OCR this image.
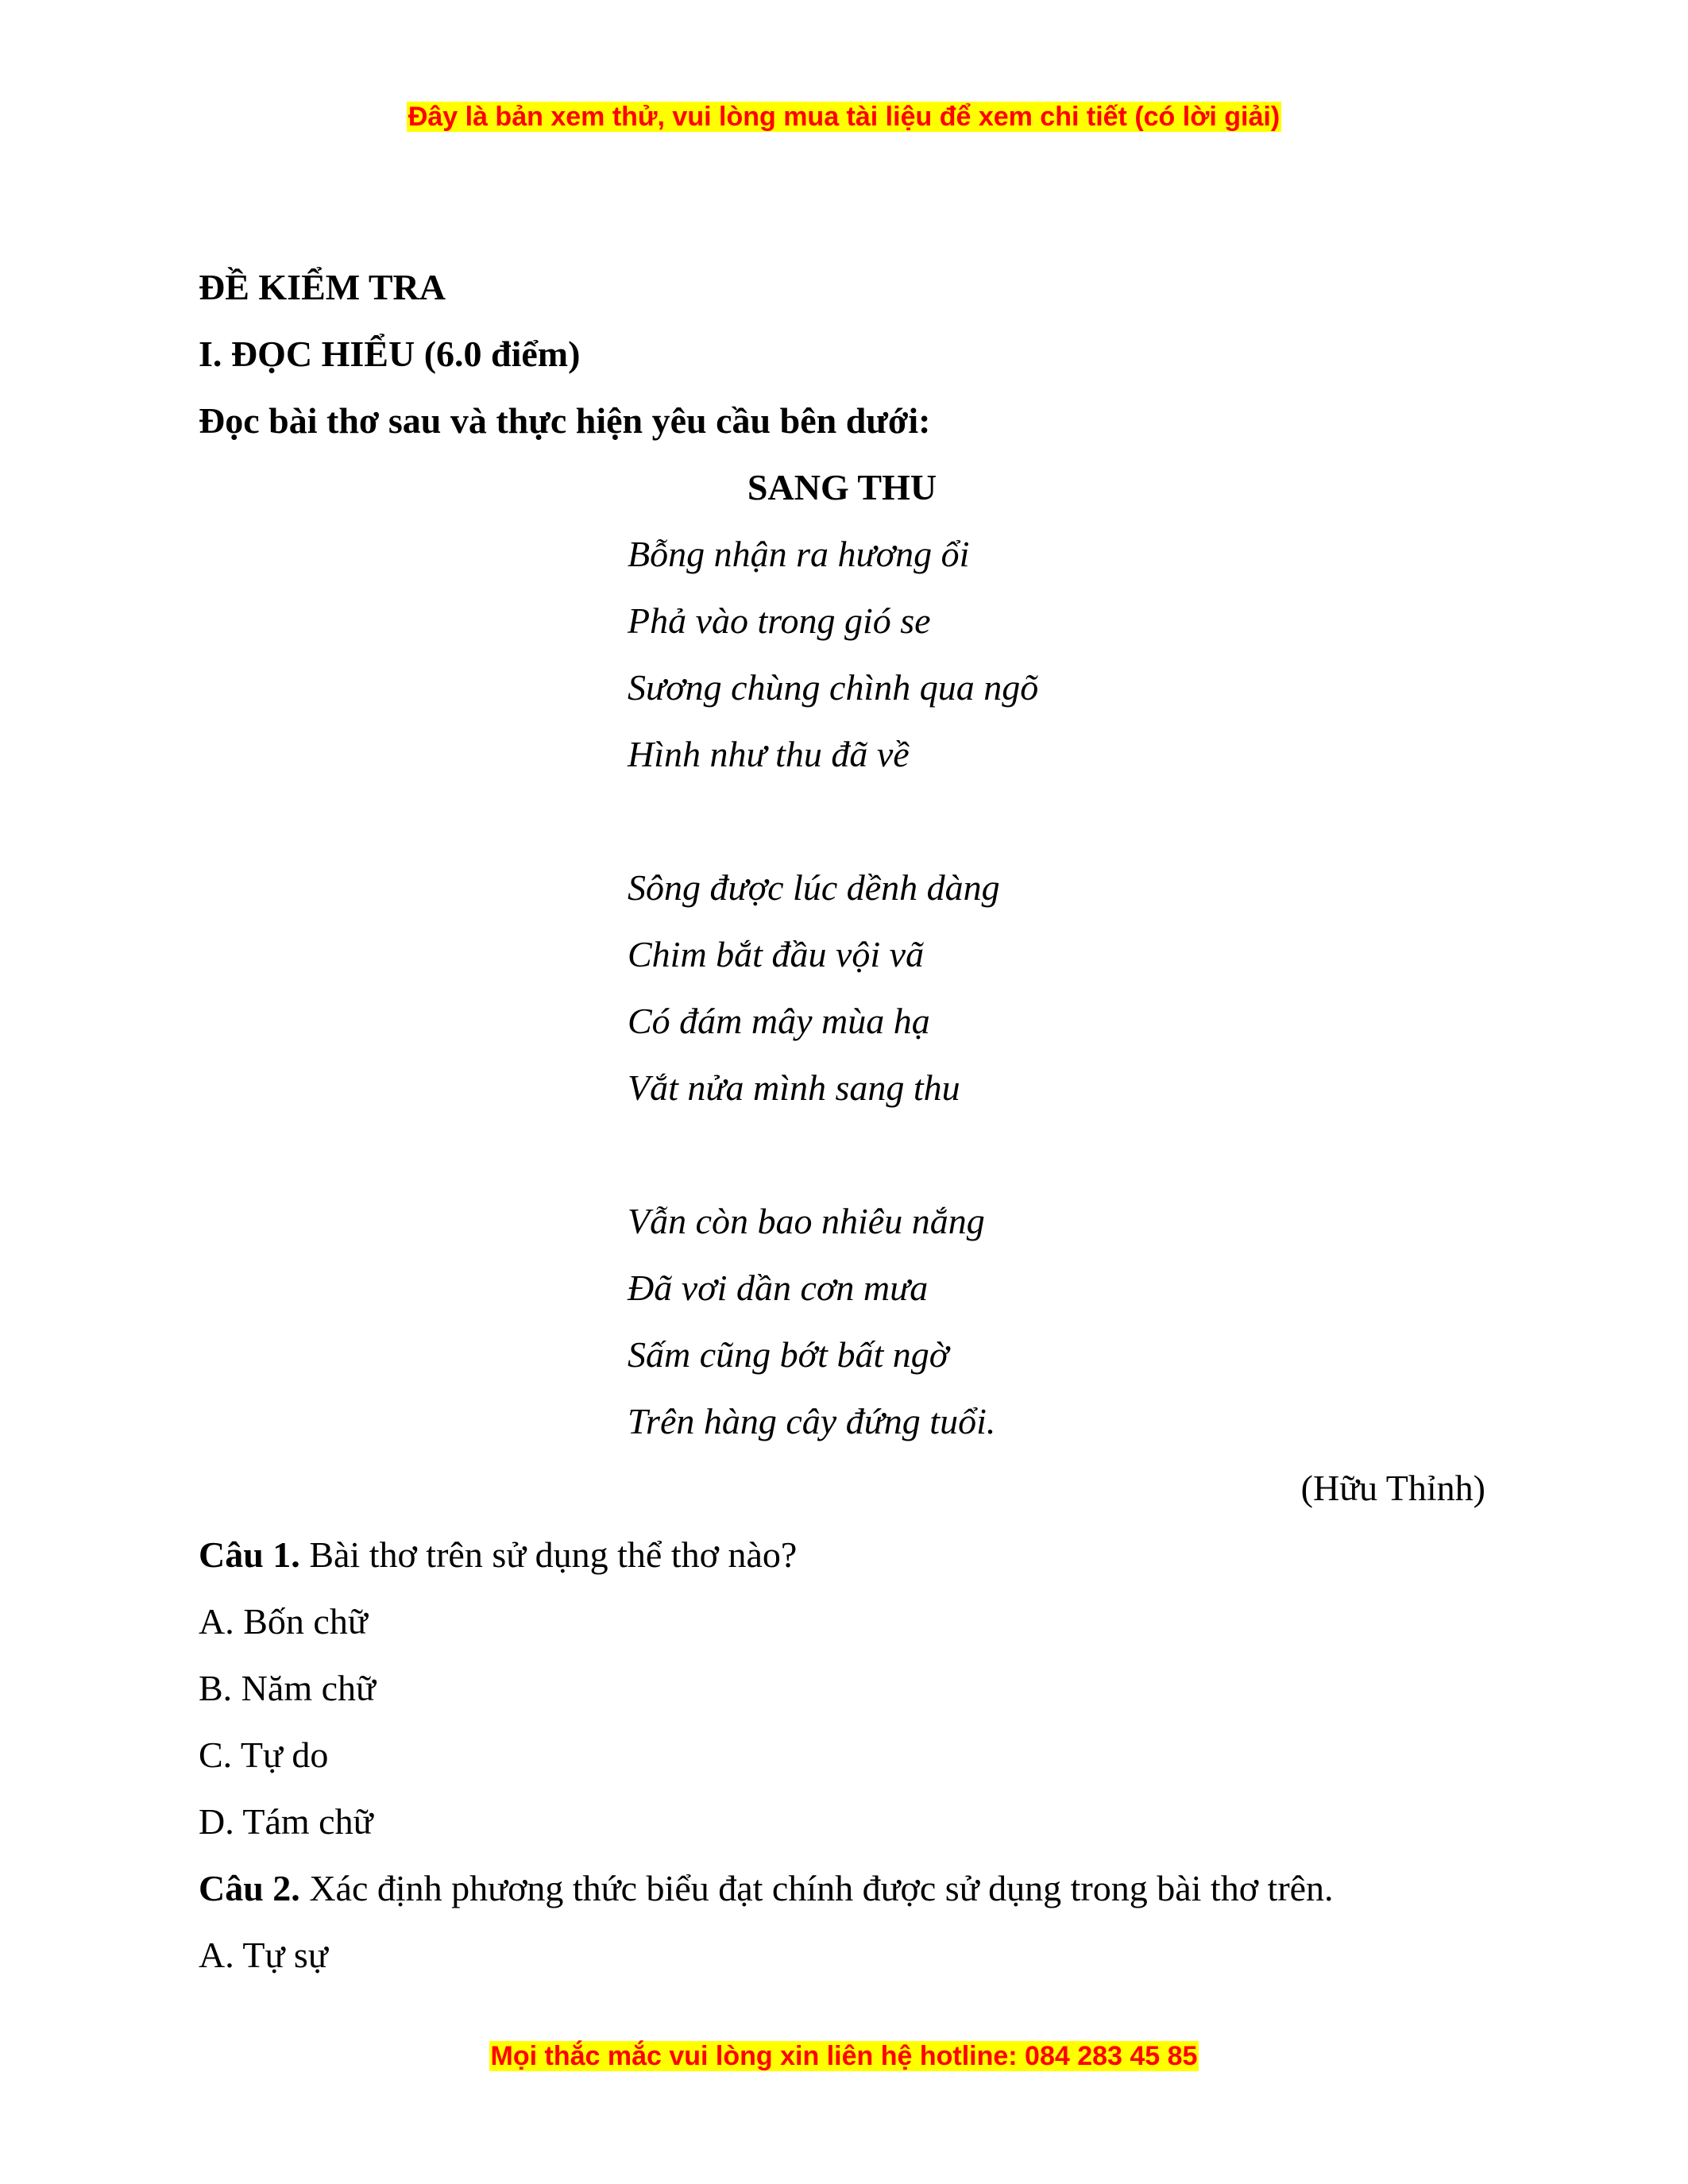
Đây là bản xem thử, vui lòng mua tài liệu để xem chi tiết (có lời giải)

ĐỀ KIỂM TRA

I. ĐỌC HIỂU (6.0 điểm)

Đọc bài thơ sau và thực hiện yêu cầu bên dưới:

SANG THU

Bỗng nhận ra hương ổi

Phả vào trong gió se

Sương chùng chình qua ngõ

Hình như thu đã về

Sông được lúc dềnh dàng

Chim bắt đầu vội vã

Có đám mây mùa hạ

Vắt nửa mình sang thu

Vẫn còn bao nhiêu nắng

Đã vơi dần cơn mưa

Sấm cũng bớt bất ngờ

Trên hàng cây đứng tuổi.

(Hữu Thỉnh)

Câu 1. Bài thơ trên sử dụng thể thơ nào?

A. Bốn chữ

B. Năm chữ

C. Tự do

D. Tám chữ

Câu 2. Xác định phương thức biểu đạt chính được sử dụng trong bài thơ trên.

A. Tự sự

Mọi thắc mắc vui lòng xin liên hệ hotline: 084 283 45 85
